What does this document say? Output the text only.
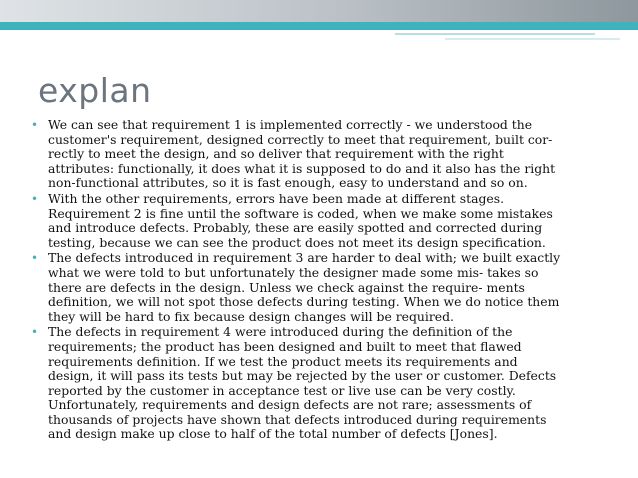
explan
• We can see that requirement 1 is implemented correctly - we understood the
customer's requirement, designed correctly to meet that requirement, built cor-
rectly to meet the design, and so deliver that requirement with the right
attributes: functionally, it does what it is supposed to do and it also has the right
non-functional attributes, so it is fast enough, easy to understand and so on.
• With the other requirements, errors have been made at different stages.
Requirement 2 is fine until the software is coded, when we make some mistakes
and introduce defects. Probably, these are easily spotted and corrected during
testing, because we can see the product does not meet its design specification.
• The defects introduced in requirement 3 are harder to deal with; we built exactly
what we were told to but unfortunately the designer made some mis- takes so
there are defects in the design. Unless we check against the require- ments
definition, we will not spot those defects during testing. When we do notice them
they will be hard to fix because design changes will be required.
• The defects in requirement 4 were introduced during the definition of the
requirements; the product has been designed and built to meet that flawed
requirements definition. If we test the product meets its requirements and
design, it will pass its tests but may be rejected by the user or customer. Defects
reported by the customer in acceptance test or live use can be very costly.
Unfortunately, requirements and design defects are not rare; assessments of
thousands of projects have shown that defects introduced during requirements
and design make up close to half of the total number of defects [Jones].
